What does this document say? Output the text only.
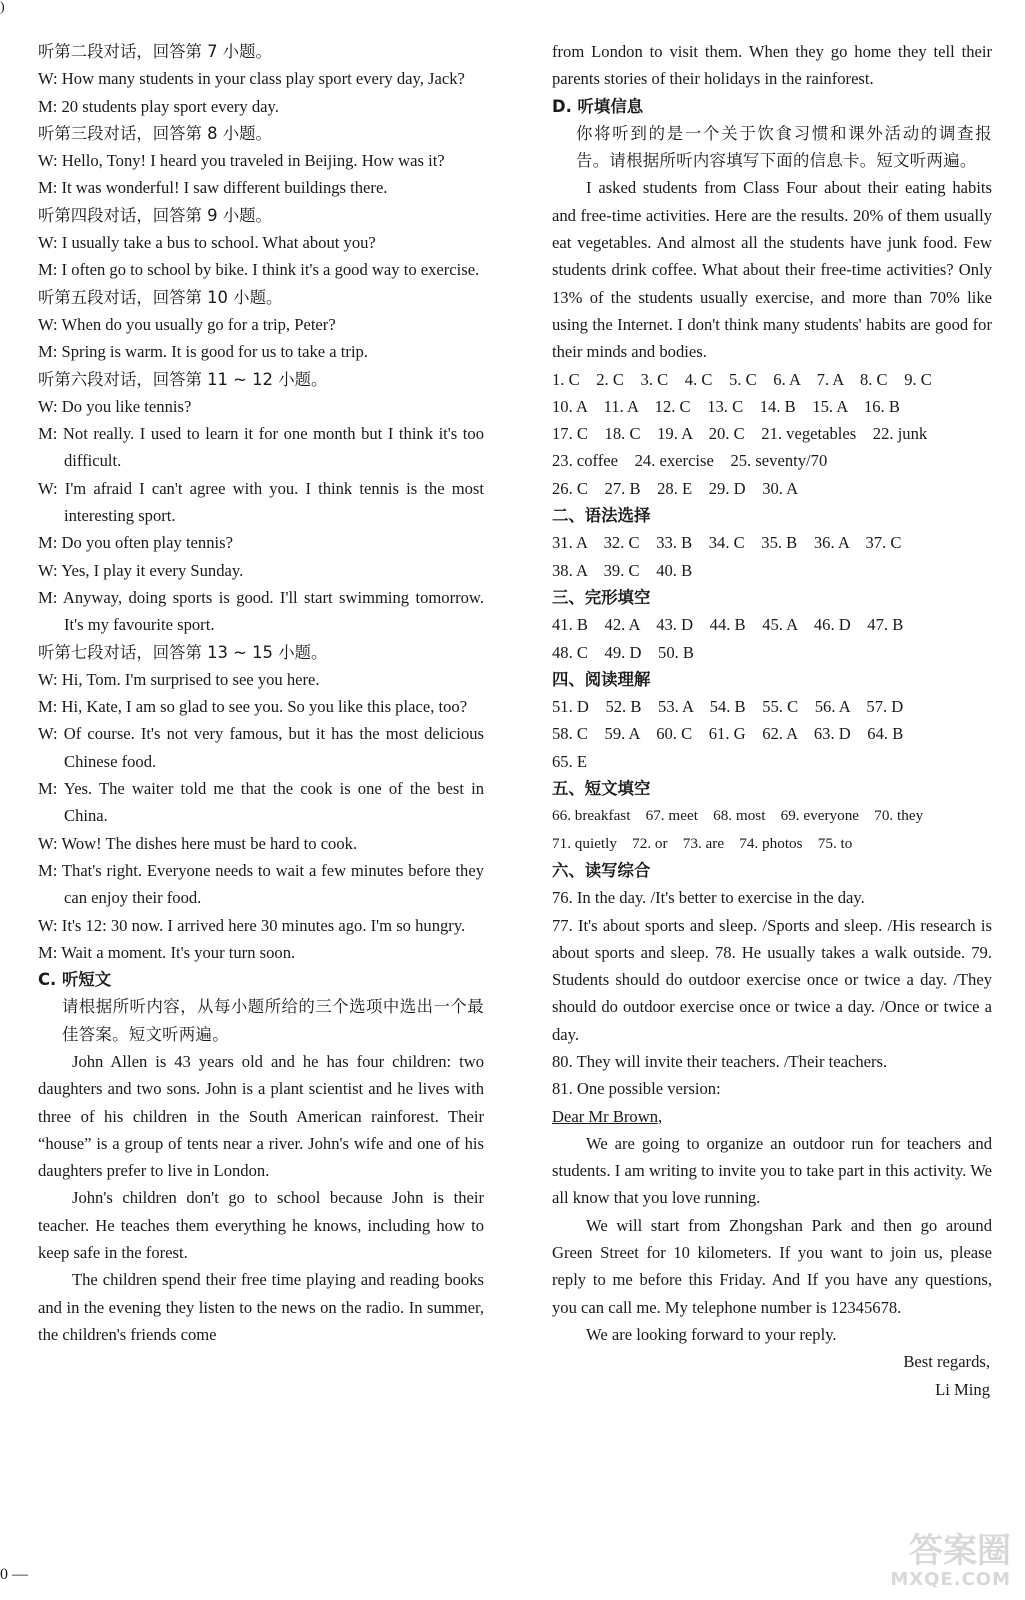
)
听第二段对话，回答第 7 小题。
W: How many students in your class play sport every day, Jack?
M: 20 students play sport every day.
听第三段对话，回答第 8 小题。
W: Hello, Tony! I heard you traveled in Beijing. How was it?
M: It was wonderful! I saw different buildings there.
听第四段对话，回答第 9 小题。
W: I usually take a bus to school. What about you?
M: I often go to school by bike. I think it's a good way to exercise.
听第五段对话，回答第 10 小题。
W: When do you usually go for a trip, Peter?
M: Spring is warm. It is good for us to take a trip.
听第六段对话，回答第 11 ~ 12 小题。
W: Do you like tennis?
M: Not really. I used to learn it for one month but I think it's too difficult.
W: I'm afraid I can't agree with you. I think tennis is the most interesting sport.
M: Do you often play tennis?
W: Yes, I play it every Sunday.
M: Anyway, doing sports is good. I'll start swimming tomorrow. It's my favourite sport.
听第七段对话，回答第 13 ~ 15 小题。
W: Hi, Tom. I'm surprised to see you here.
M: Hi, Kate, I am so glad to see you. So you like this place, too?
W: Of course. It's not very famous, but it has the most delicious Chinese food.
M: Yes. The waiter told me that the cook is one of the best in China.
W: Wow! The dishes here must be hard to cook.
M: That's right. Everyone needs to wait a few minutes before they can enjoy their food.
W: It's 12: 30 now. I arrived here 30 minutes ago. I'm so hungry.
M: Wait a moment. It's your turn soon.
C. 听短文
请根据所听内容，从每小题所给的三个选项中选出一个最佳答案。短文听两遍。
John Allen is 43 years old and he has four children: two daughters and two sons. John is a plant scientist and he lives with three of his children in the South American rainforest. Their “house” is a group of tents near a river. John's wife and one of his daughters prefer to live in London.
John's children don't go to school because John is their teacher. He teaches them everything he knows, including how to keep safe in the forest.
The children spend their free time playing and reading books and in the evening they listen to the news on the radio. In summer, the children's friends come
from London to visit them. When they go home they tell their parents stories of their holidays in the rainforest.
D. 听填信息
你将听到的是一个关于饮食习惯和课外活动的调查报告。请根据所听内容填写下面的信息卡。短文听两遍。
I asked students from Class Four about their eating habits and free-time activities. Here are the results. 20% of them usually eat vegetables. And almost all the students have junk food. Few students drink coffee. What about their free-time activities? Only 13% of the students usually exercise, and more than 70% like using the Internet. I don't think many students' habits are good for their minds and bodies.
1. C    2. C    3. C    4. C    5. C    6. A    7. A    8. C    9. C
10. A    11. A    12. C    13. C    14. B    15. A    16. B
17. C    18. C    19. A    20. C    21. vegetables    22. junk
23. coffee    24. exercise    25. seventy/70
26. C    27. B    28. E    29. D    30. A
二、语法选择
31. A    32. C    33. B    34. C    35. B    36. A    37. C
38. A    39. C    40. B
三、完形填空
41. B    42. A    43. D    44. B    45. A    46. D    47. B
48. C    49. D    50. B
四、阅读理解
51. D    52. B    53. A    54. B    55. C    56. A    57. D
58. C    59. A    60. C    61. G    62. A    63. D    64. B
65. E
五、短文填空
66. breakfast    67. meet    68. most    69. everyone    70. they
71. quietly    72. or    73. are    74. photos    75. to
六、读写综合
76. In the day. /It's better to exercise in the day.
77. It's about sports and sleep. /Sports and sleep. /His research is about sports and sleep. 78. He usually takes a walk outside. 79. Students should do outdoor exercise once or twice a day. /They should do outdoor exercise once or twice a day. /Once or twice a day.
80. They will invite their teachers. /Their teachers.
81. One possible version:
Dear Mr Brown,
We are going to organize an outdoor run for teachers and students. I am writing to invite you to take part in this activity. We all know that you love running.
We will start from Zhongshan Park and then go around Green Street for 10 kilometers. If you want to join us, please reply to me before this Friday. And If you have any questions, you can call me. My telephone number is 12345678.
We are looking forward to your reply.
Best regards,
Li Ming
0 —
答案圈
MXQE.COM
